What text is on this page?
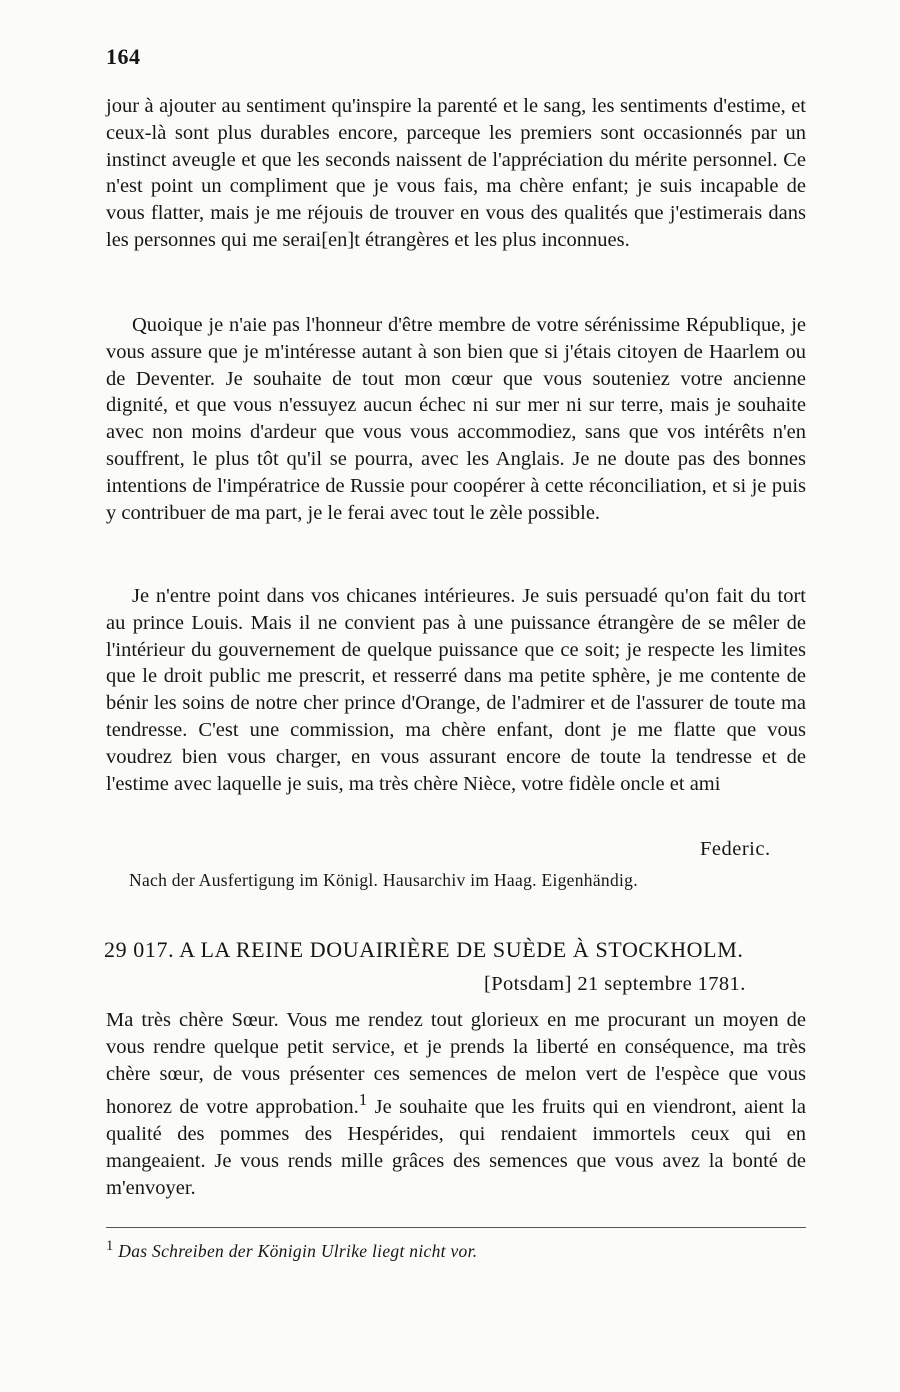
164

jour à ajouter au sentiment qu'inspire la parenté et le sang, les sentiments d'estime, et ceux-là sont plus durables encore, parceque les premiers sont occasionnés par un instinct aveugle et que les seconds naissent de l'appréciation du mérite personnel. Ce n'est point un compliment que je vous fais, ma chère enfant; je suis incapable de vous flatter, mais je me réjouis de trouver en vous des qualités que j'estimerais dans les personnes qui me serai[en]t étrangères et les plus inconnues.

Quoique je n'aie pas l'honneur d'être membre de votre sérénissime République, je vous assure que je m'intéresse autant à son bien que si j'étais citoyen de Haarlem ou de Deventer. Je souhaite de tout mon cœur que vous souteniez votre ancienne dignité, et que vous n'essuyez aucun échec ni sur mer ni sur terre, mais je souhaite avec non moins d'ardeur que vous vous accommodiez, sans que vos intérêts n'en souffrent, le plus tôt qu'il se pourra, avec les Anglais. Je ne doute pas des bonnes intentions de l'impératrice de Russie pour coopérer à cette réconciliation, et si je puis y contribuer de ma part, je le ferai avec tout le zèle possible.

Je n'entre point dans vos chicanes intérieures. Je suis persuadé qu'on fait du tort au prince Louis. Mais il ne convient pas à une puissance étrangère de se mêler de l'intérieur du gouvernement de quelque puissance que ce soit; je respecte les limites que le droit public me prescrit, et resserré dans ma petite sphère, je me contente de bénir les soins de notre cher prince d'Orange, de l'admirer et de l'assurer de toute ma tendresse. C'est une commission, ma chère enfant, dont je me flatte que vous voudrez bien vous charger, en vous assurant encore de toute la tendresse et de l'estime avec laquelle je suis, ma très chère Nièce, votre fidèle oncle et ami

Federic.
Nach der Ausfertigung im Königl. Hausarchiv im Haag. Eigenhändig.
29 017. A LA REINE DOUAIRIÈRE DE SUÈDE À STOCKHOLM.
[Potsdam] 21 septembre 1781.

Ma très chère Sœur. Vous me rendez tout glorieux en me procurant un moyen de vous rendre quelque petit service, et je prends la liberté en conséquence, ma très chère sœur, de vous présenter ces semences de melon vert de l'espèce que vous honorez de votre approbation.$^1$ Je souhaite que les fruits qui en viendront, aient la qualité des pommes des Hespérides, qui rendaient immortels ceux qui en mangeaient. Je vous rends mille grâces des semences que vous avez la bonté de m'envoyer.

$^1$ Das Schreiben der Königin Ulrike liegt nicht vor.
